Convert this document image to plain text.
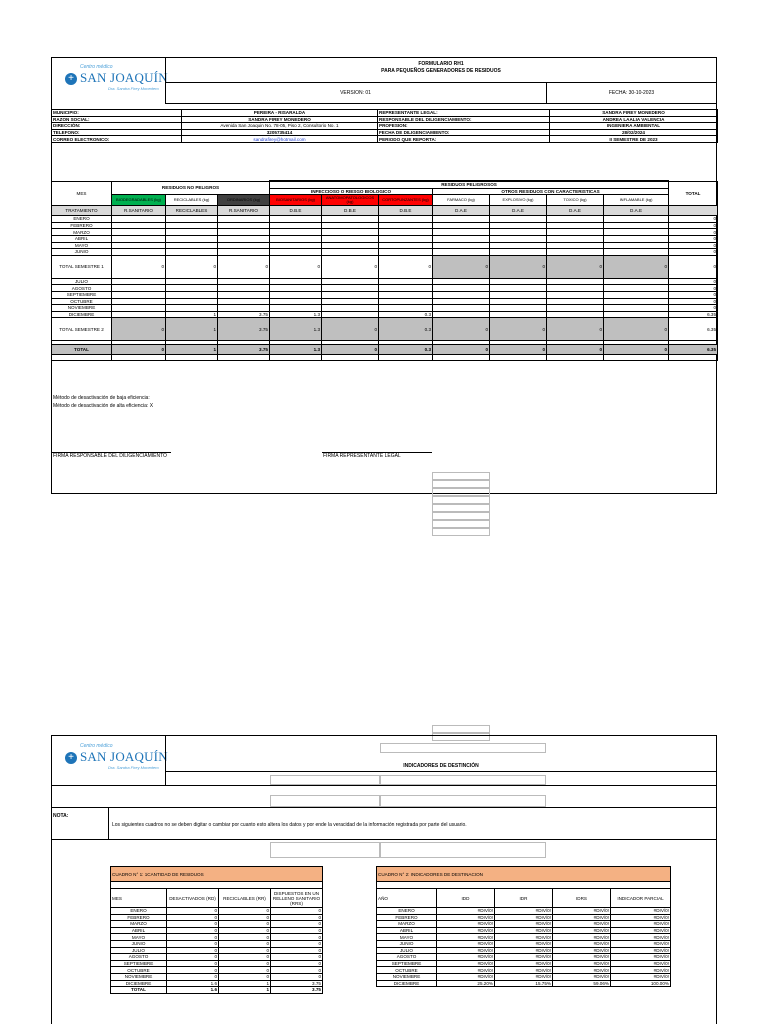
+
Centro médico
SAN JOAQUÍN
Dra. Sandra Firey Monedero
FORMULARIO RH1
PARA PEQUEÑOS GENERADORES DE RESIDUOS
VERSION: 01	FECHA: 30-10-2023
MUNICIPIO:	PEREIRA - RISARALDA	REPRESENTANTE LEGAL:	SANDRA FIREY MONEDERO
RAZON SOCIAL:	SANDRA FIREY MONEDERO	RESPONSABLE DEL DILIGENCIAMIENTO:	ANDREA LAALIA VALENCIA
DIRECCIÓN:	Avenida San Joaquin No. 78-05, Piso 2, Consultorio No. 1	PROFESION:	INGENIERA AMBIENTAL
TELEFONO:	3205735414	FECHA DE DILIGENCIAMIENTO:	28/02/2024
CORREO ELECTRONICO:	sandrafirey@hotmail.com	PERIODO QUE REPORTA:	II SEMESTRE DE 2023
MES	RESIDUOS NO PELIGROS			RESIDUOS PELIGROSOS							TOTAL
				INFECCIOSO O RIESGO BIOLOGICO			OTROS RESIDUOS CON CARACTERISTICAS				
	BIODEGRADABLES (kg)	RECICLABLES (kg)	ORDINARIOS (kg)	BIOSANITARIOS (kg)	ANATOMOPATOLOGICOS (kg)	CORTOPUNZANTES (kg)	FARMACO (kg)	EXPLOSIVO (kg)	TOXICO (kg)	INFLAMABLE (kg)	
TRATAMIENTO	R.SANITARIO	RECICLABLES	R.SANITARIO	D.B.E	D.B.E	D.B.E	D.A.E	D.A.E	D.A.E	D.A.E	
ENERO											0
FEBRERO											0
MARZO											0
ABRIL											0
MAYO											0
JUNIO											0
TOTAL SEMESTRE 1	0	0	0	0	0	0	0	0	0	0	0
JULIO											0
AGOSTO											0
SEPTIEMBRE											0
OCTUBRE											0
NOVIEMBRE											0
DICIEMBRE		1	3.75	1.3		0.3					6.35
TOTAL SEMESTRE 2	0	1	3.75	1.3	0	0.3	0	0	0	0	6.35

TOTAL	0	1	3.75	1.3	0	0.3	0	0	0	0	6.35

Método de desactivación de baja eficiencia:
Método de desactivación de alta eficiencia: X
FIRMA RESPONSABLE DEL DILIGENCIAMIENTO	FIRMA REPRESENTANTE LEGAL
+
Centro médico
SAN JOAQUÍN
Dra. Sandra Firey Monedero	INDICADORES DE DESTINCIÓN
NOTA:
Los siguientes cuadros no se deben digitar o cambiar por cuanto esto altera los datos y por ende la veracidad de la información registrada por parte del usuario.
CUADRO N° 1: 1CANTIDAD DE RESIDUOS			

MES	DESACTIVADOS (RD)	RECICLABLES (RR)	DISPUESTOS EN UN RELLENO SANITARIO (RRS)
ENERO	0	0	0
FEBRERO	0	0	0
MARZO	0	0	0
ABRIL	0	0	0
MAYO	0	0	0
JUNIO	0	0	0
JULIO	0	0	0
AGOSTO	0	0	0
SEPTIEMBRE	0	0	0
OCTUBRE	0	0	0
NOVIEMBRE	0	0	0
DICIEMBRE	1.6	1	3.75
TOTAL	1.6	1	3.75
CUADRO N° 2: INDICADORES DE DESTINACION				

AÑO	IDD	IDR	IDRS	INDICADOR PARCIAL
ENERO	#DIV/0!	#DIV/0!	#DIV/0!	#DIV/0!
FEBRERO	#DIV/0!	#DIV/0!	#DIV/0!	#DIV/0!
MARZO	#DIV/0!	#DIV/0!	#DIV/0!	#DIV/0!
ABRIL	#DIV/0!	#DIV/0!	#DIV/0!	#DIV/0!
MAYO	#DIV/0!	#DIV/0!	#DIV/0!	#DIV/0!
JUNIO	#DIV/0!	#DIV/0!	#DIV/0!	#DIV/0!
JULIO	#DIV/0!	#DIV/0!	#DIV/0!	#DIV/0!
AGOSTO	#DIV/0!	#DIV/0!	#DIV/0!	#DIV/0!
SEPTIEMBRE	#DIV/0!	#DIV/0!	#DIV/0!	#DIV/0!
OCTUBRE	#DIV/0!	#DIV/0!	#DIV/0!	#DIV/0!
NOVIEMBRE	#DIV/0!	#DIV/0!	#DIV/0!	#DIV/0!
DICIEMBRE	25.20%	15.75%	59.06%	100.00%
